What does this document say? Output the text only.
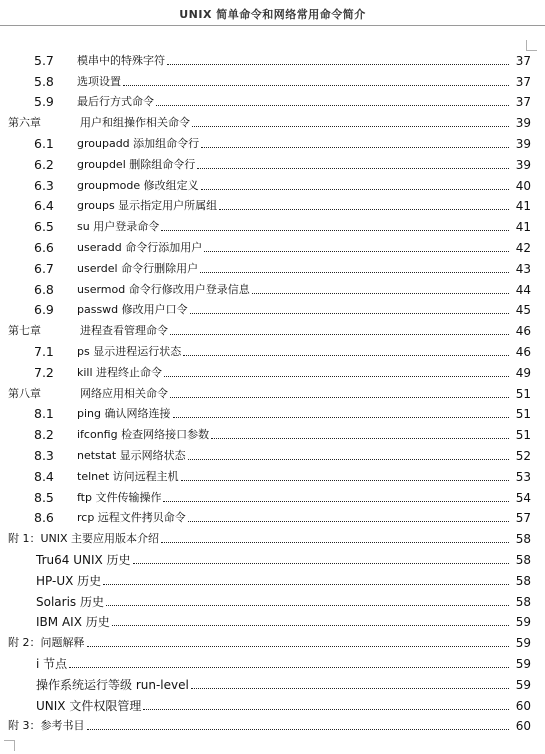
UNIX 简单命令和网络常用命令简介
5.7	模串中的特殊字符	37
5.8	选项设置	37
5.9	最后行方式命令	37
第六章	用户和组操作相关命令	39
6.1	groupadd 添加组命令行	39
6.2	groupdel 删除组命令行	39
6.3	groupmode 修改组定义	40
6.4	groups 显示指定用户所属组	41
6.5	su 用户登录命令	41
6.6	useradd 命令行添加用户	42
6.7	userdel 命令行删除用户	43
6.8	usermod 命令行修改用户登录信息	44
6.9	passwd 修改用户口令	45
第七章	进程查看管理命令	46
7.1	ps 显示进程运行状态	46
7.2	kill 进程终止命令	49
第八章	网络应用相关命令	51
8.1	ping 确认网络连接	51
8.2	ifconfig 检查网络接口参数	51
8.3	netstat 显示网络状态	52
8.4	telnet 访问远程主机	53
8.5	ftp 文件传输操作	54
8.6	rcp 远程文件拷贝命令	57
附 1：UNIX 主要应用版本介绍	58
Tru64 UNIX 历史	58
HP-UX 历史	58
Solaris 历史	58
IBM AIX 历史	59
附 2：问题解释	59
i 节点	59
操作系统运行等级 run-level	59
UNIX 文件权限管理	60
附 3：参考书目	60
